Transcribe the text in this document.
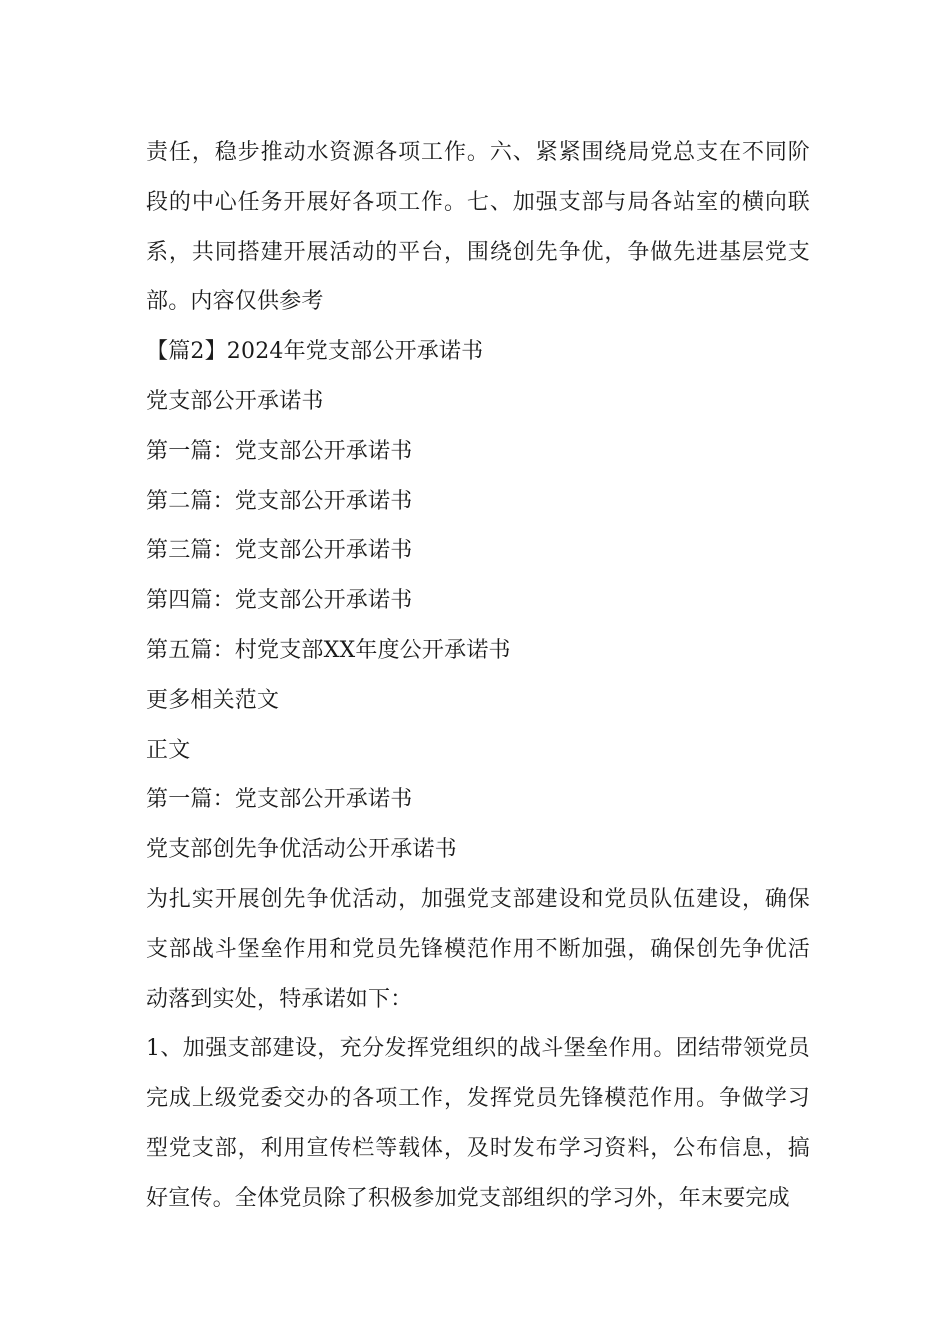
责任，稳步推动水资源各项工作。六、紧紧围绕局党总支在不同阶段的中心任务开展好各项工作。七、加强支部与局各站室的横向联系，共同搭建开展活动的平台，围绕创先争优，争做先进基层党支部。内容仅供参考

【篇2】2024年党支部公开承诺书

党支部公开承诺书

第一篇：党支部公开承诺书

第二篇：党支部公开承诺书

第三篇：党支部公开承诺书

第四篇：党支部公开承诺书

第五篇：村党支部XX年度公开承诺书

更多相关范文

正文

第一篇：党支部公开承诺书

党支部创先争优活动公开承诺书

为扎实开展创先争优活动，加强党支部建设和党员队伍建设，确保支部战斗堡垒作用和党员先锋模范作用不断加强，确保创先争优活动落到实处，特承诺如下：

1、加强支部建设，充分发挥党组织的战斗堡垒作用。团结带领党员完成上级党委交办的各项工作，发挥党员先锋模范作用。争做学习型党支部，利用宣传栏等载体，及时发布学习资料，公布信息，搞好宣传。全体党员除了积极参加党支部组织的学习外，年末要完成
